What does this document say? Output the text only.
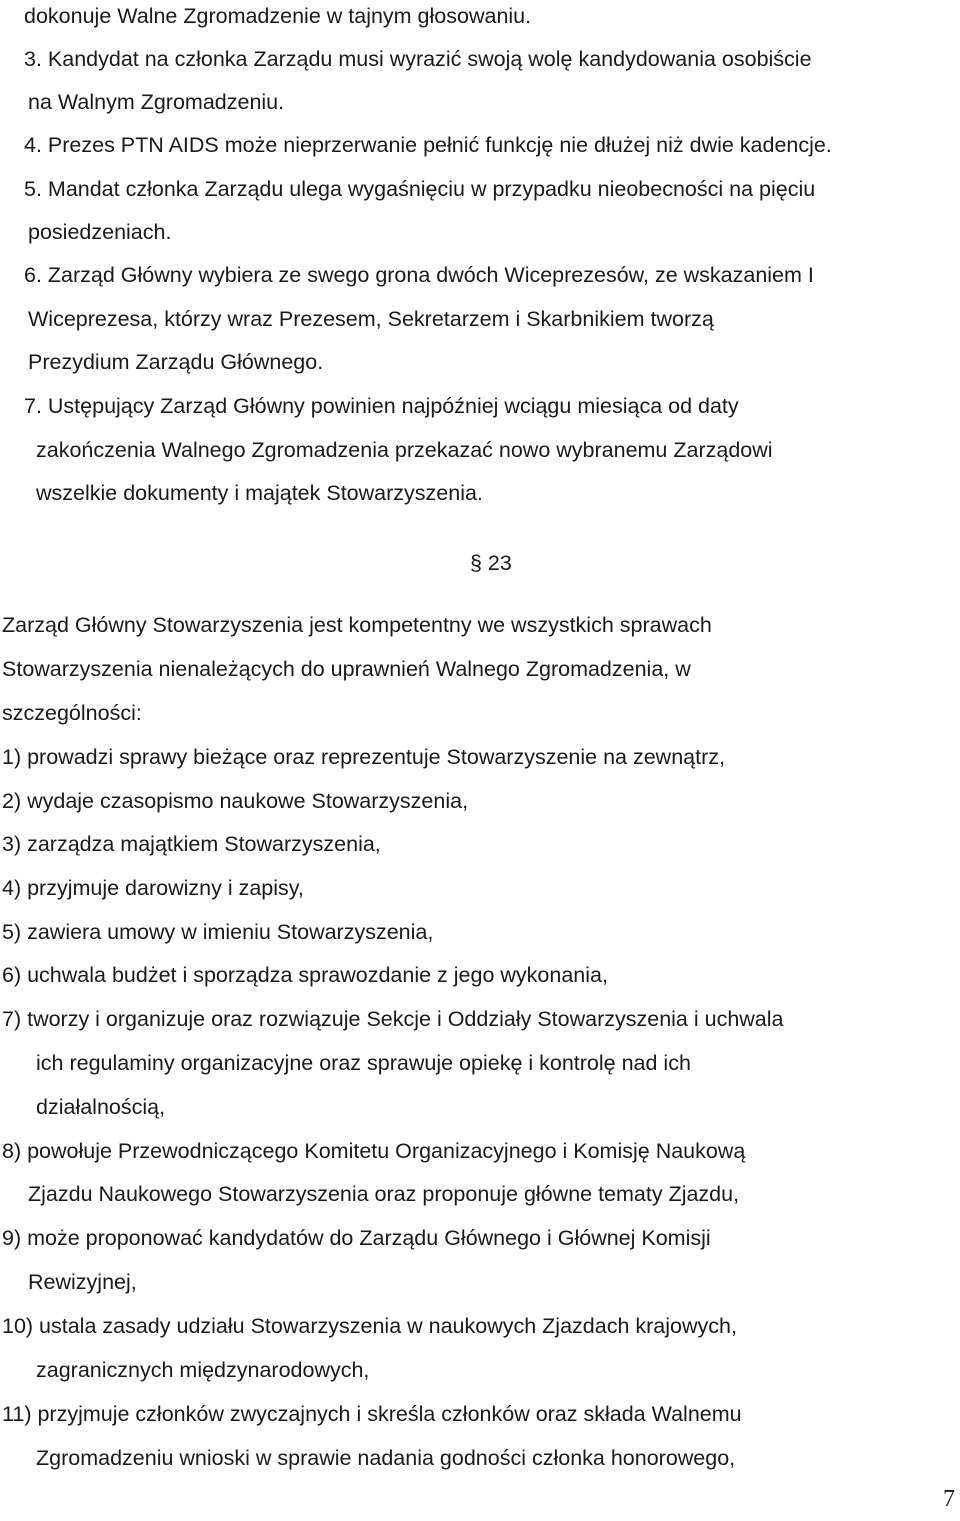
dokonuje Walne Zgromadzenie w tajnym głosowaniu.
3. Kandydat na członka Zarządu musi wyrazić swoją wolę kandydowania osobiście
na Walnym Zgromadzeniu.
4. Prezes PTN AIDS może nieprzerwanie pełnić funkcję nie dłużej niż dwie kadencje.
5. Mandat członka Zarządu ulega wygaśnięciu w przypadku nieobecności na pięciu
posiedzeniach.
6. Zarząd Główny wybiera ze swego grona dwóch Wiceprezesów, ze wskazaniem I
Wiceprezesa, którzy wraz Prezesem, Sekretarzem i Skarbnikiem tworzą
Prezydium Zarządu Głównego.
7. Ustępujący Zarząd Główny powinien najpóźniej wciągu miesiąca od daty
zakończenia Walnego Zgromadzenia przekazać nowo wybranemu Zarządowi
wszelkie dokumenty i majątek Stowarzyszenia.
§ 23
Zarząd Główny Stowarzyszenia jest kompetentny we wszystkich sprawach
Stowarzyszenia nienależących do uprawnień Walnego Zgromadzenia, w
szczególności:
1) prowadzi sprawy bieżące oraz reprezentuje Stowarzyszenie na zewnątrz,
2) wydaje czasopismo naukowe Stowarzyszenia,
3) zarządza majątkiem Stowarzyszenia,
4) przyjmuje darowizny i zapisy,
5) zawiera umowy w imieniu Stowarzyszenia,
6) uchwala budżet i sporządza sprawozdanie z jego wykonania,
7) tworzy i organizuje oraz rozwiązuje Sekcje i Oddziały Stowarzyszenia i uchwala
ich regulaminy organizacyjne oraz sprawuje opiekę i kontrolę nad ich
działalnością,
8) powołuje Przewodniczącego Komitetu Organizacyjnego i Komisję Naukową
Zjazdu Naukowego Stowarzyszenia oraz proponuje główne tematy Zjazdu,
9) może proponować kandydatów do Zarządu Głównego i Głównej Komisji
Rewizyjnej,
10) ustala zasady udziału Stowarzyszenia w naukowych Zjazdach krajowych,
zagranicznych międzynarodowych,
11) przyjmuje członków zwyczajnych i skreśla członków oraz składa Walnemu
Zgromadzeniu wnioski w sprawie nadania godności członka honorowego,
7
